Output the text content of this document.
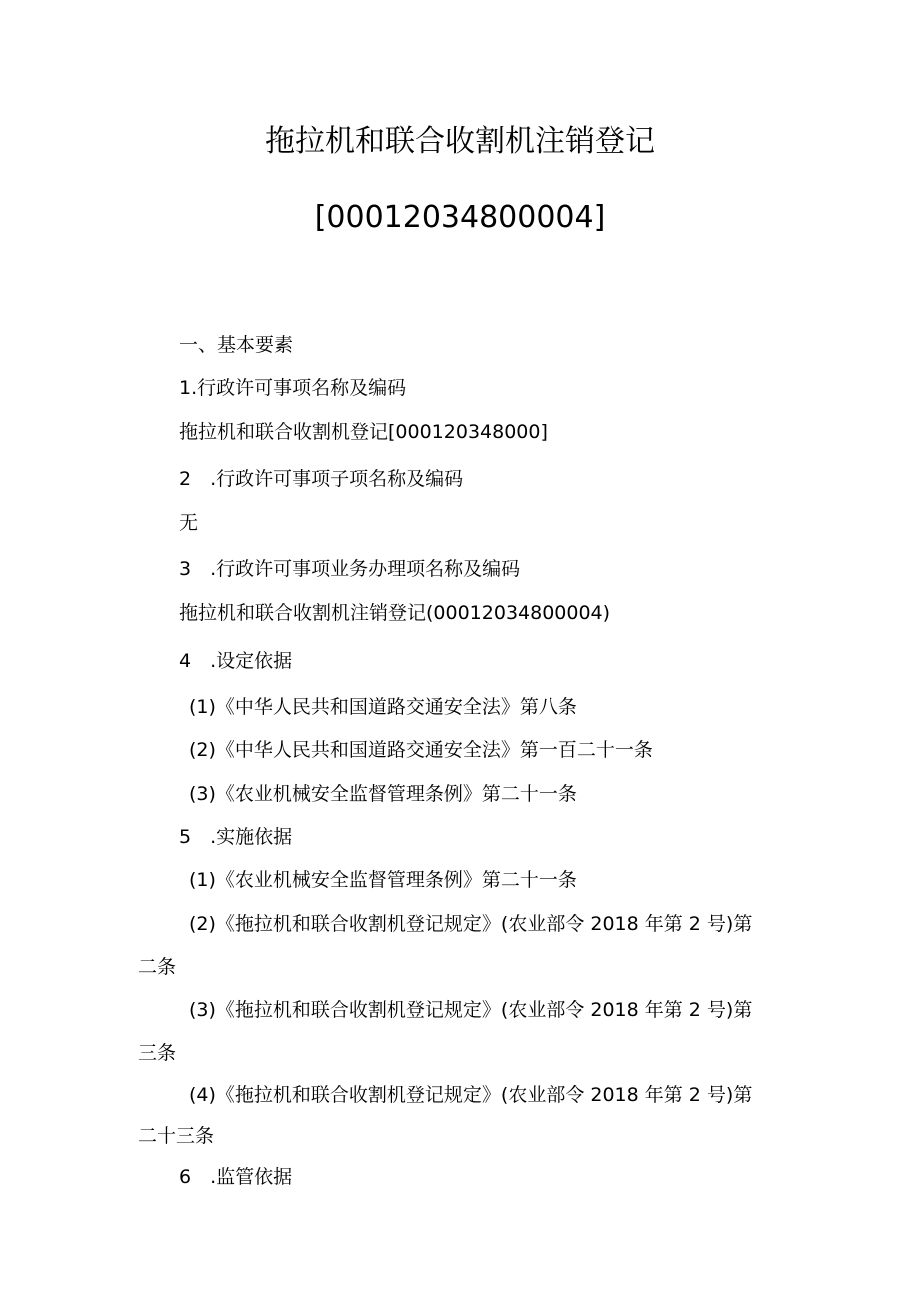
拖拉机和联合收割机注销登记
[00012034800004]
一、基本要素
1.行政许可事项名称及编码
拖拉机和联合收割机登记[000120348000]
2　.行政许可事项子项名称及编码
无
3　.行政许可事项业务办理项名称及编码
拖拉机和联合收割机注销登记(00012034800004)
4　.设定依据
(1)《中华人民共和国道路交通安全法》第八条
(2)《中华人民共和国道路交通安全法》第一百二十一条
(3)《农业机械安全监督管理条例》第二十一条
5　.实施依据
(1)《农业机械安全监督管理条例》第二十一条
(2)《拖拉机和联合收割机登记规定》(农业部令 2018 年第 2 号)第
二条
(3)《拖拉机和联合收割机登记规定》(农业部令 2018 年第 2 号)第
三条
(4)《拖拉机和联合收割机登记规定》(农业部令 2018 年第 2 号)第
二十三条
6　.监管依据
